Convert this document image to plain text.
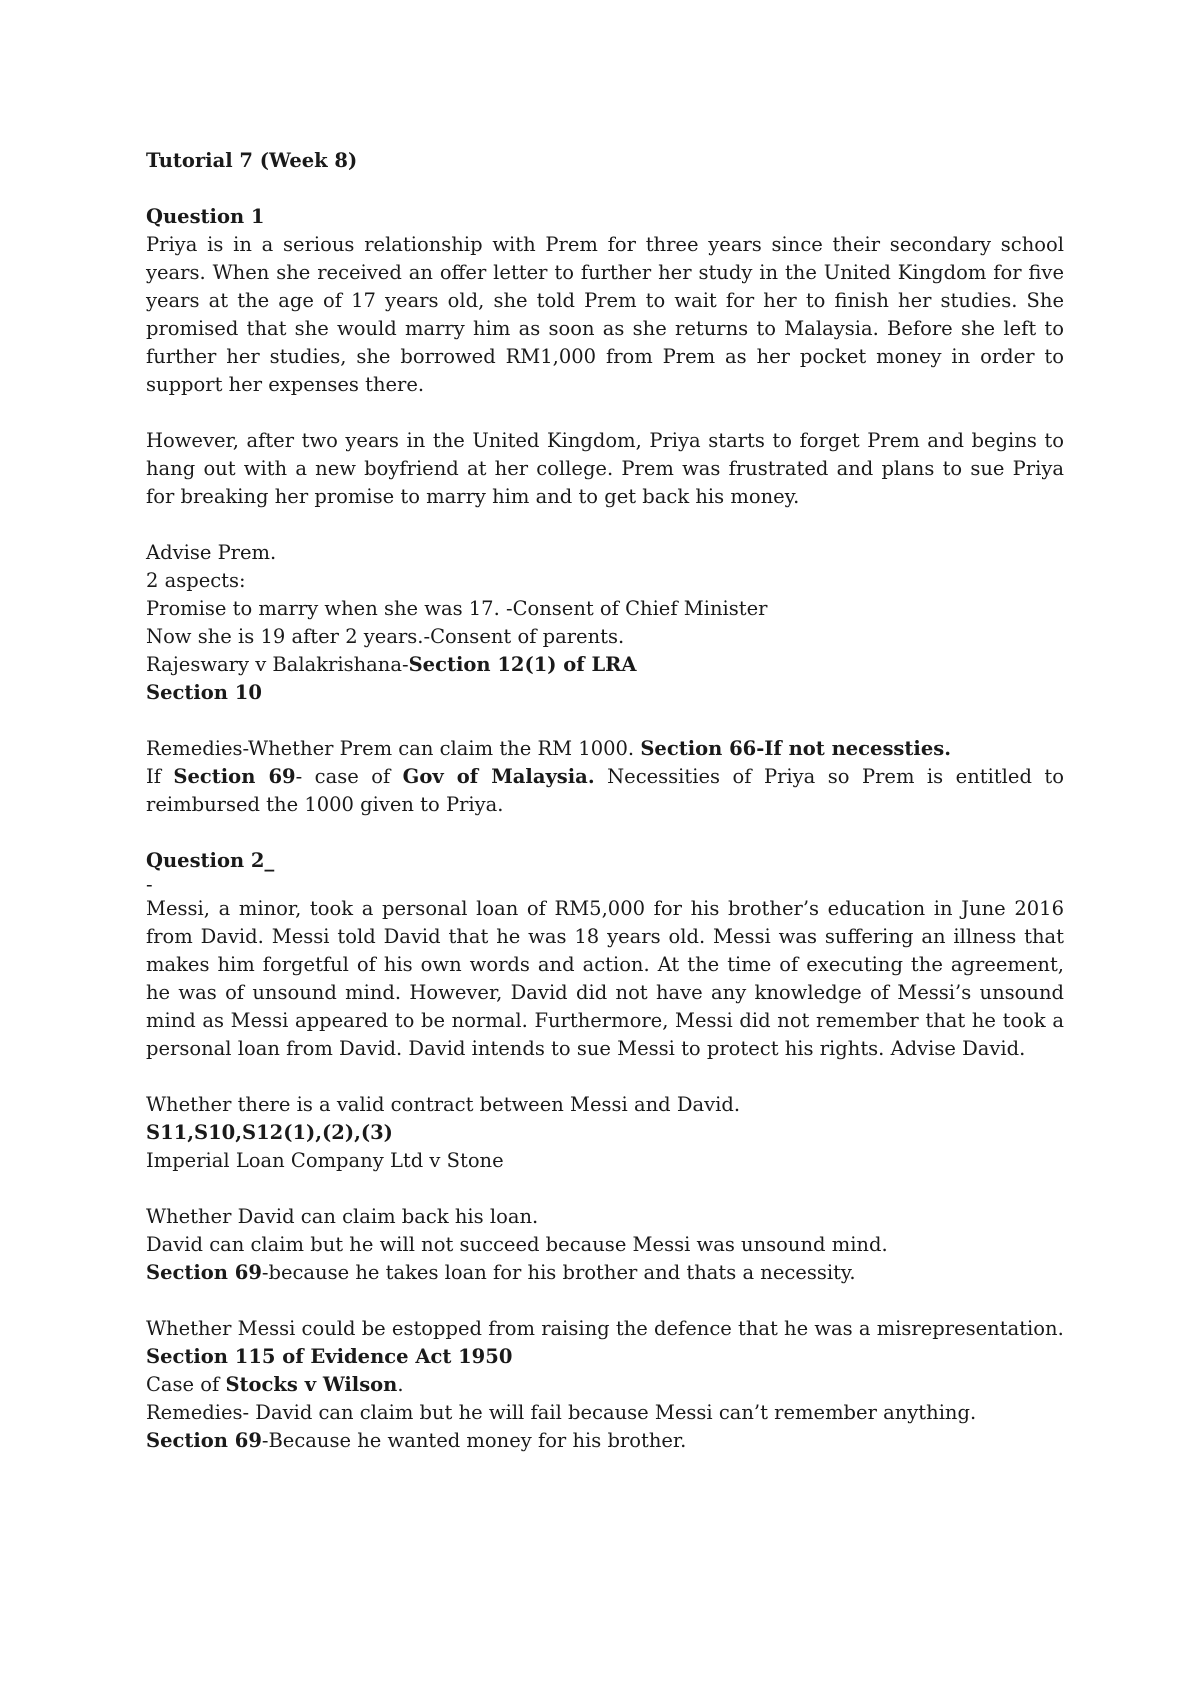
Tutorial 7 (Week 8)
Question 1
Priya is in a serious relationship with Prem for three years since their secondary school years. When she received an offer letter to further her study in the United Kingdom for five years at the age of 17 years old, she told Prem to wait for her to finish her studies. She promised that she would marry him as soon as she returns to Malaysia. Before she left to further her studies, she borrowed RM1,000 from Prem as her pocket money in order to support her expenses there.
However, after two years in the United Kingdom, Priya starts to forget Prem and begins to hang out with a new boyfriend at her college. Prem was frustrated and plans to sue Priya for breaking her promise to marry him and to get back his money.
Advise Prem.
2 aspects:
Promise to marry when she was 17. -Consent of Chief Minister
Now she is 19 after 2 years.-Consent of parents.
Rajeswary v Balakrishana-Section 12(1) of LRA
Section 10
Remedies-Whether Prem can claim the RM 1000. Section 66-If not necessties.
If Section 69- case of Gov of Malaysia. Necessities of Priya so Prem is entitled to reimbursed the 1000 given to Priya.
Question 2_
-
Messi, a minor, took a personal loan of RM5,000 for his brother’s education in June 2016 from David. Messi told David that he was 18 years old. Messi was suffering an illness that makes him forgetful of his own words and action. At the time of executing the agreement, he was of unsound mind. However, David did not have any knowledge of Messi’s unsound mind as Messi appeared to be normal. Furthermore, Messi did not remember that he took a personal loan from David. David intends to sue Messi to protect his rights. Advise David.
Whether there is a valid contract between Messi and David.
S11,S10,S12(1),(2),(3)
Imperial Loan Company Ltd v Stone
Whether David can claim back his loan.
David can claim but he will not succeed because Messi was unsound mind.
Section 69-because he takes loan for his brother and thats a necessity.
Whether Messi could be estopped from raising the defence that he was a misrepresentation.
Section 115 of Evidence Act 1950
Case of Stocks v Wilson.
Remedies- David can claim but he will fail because Messi can’t remember anything.
Section 69-Because he wanted money for his brother.
